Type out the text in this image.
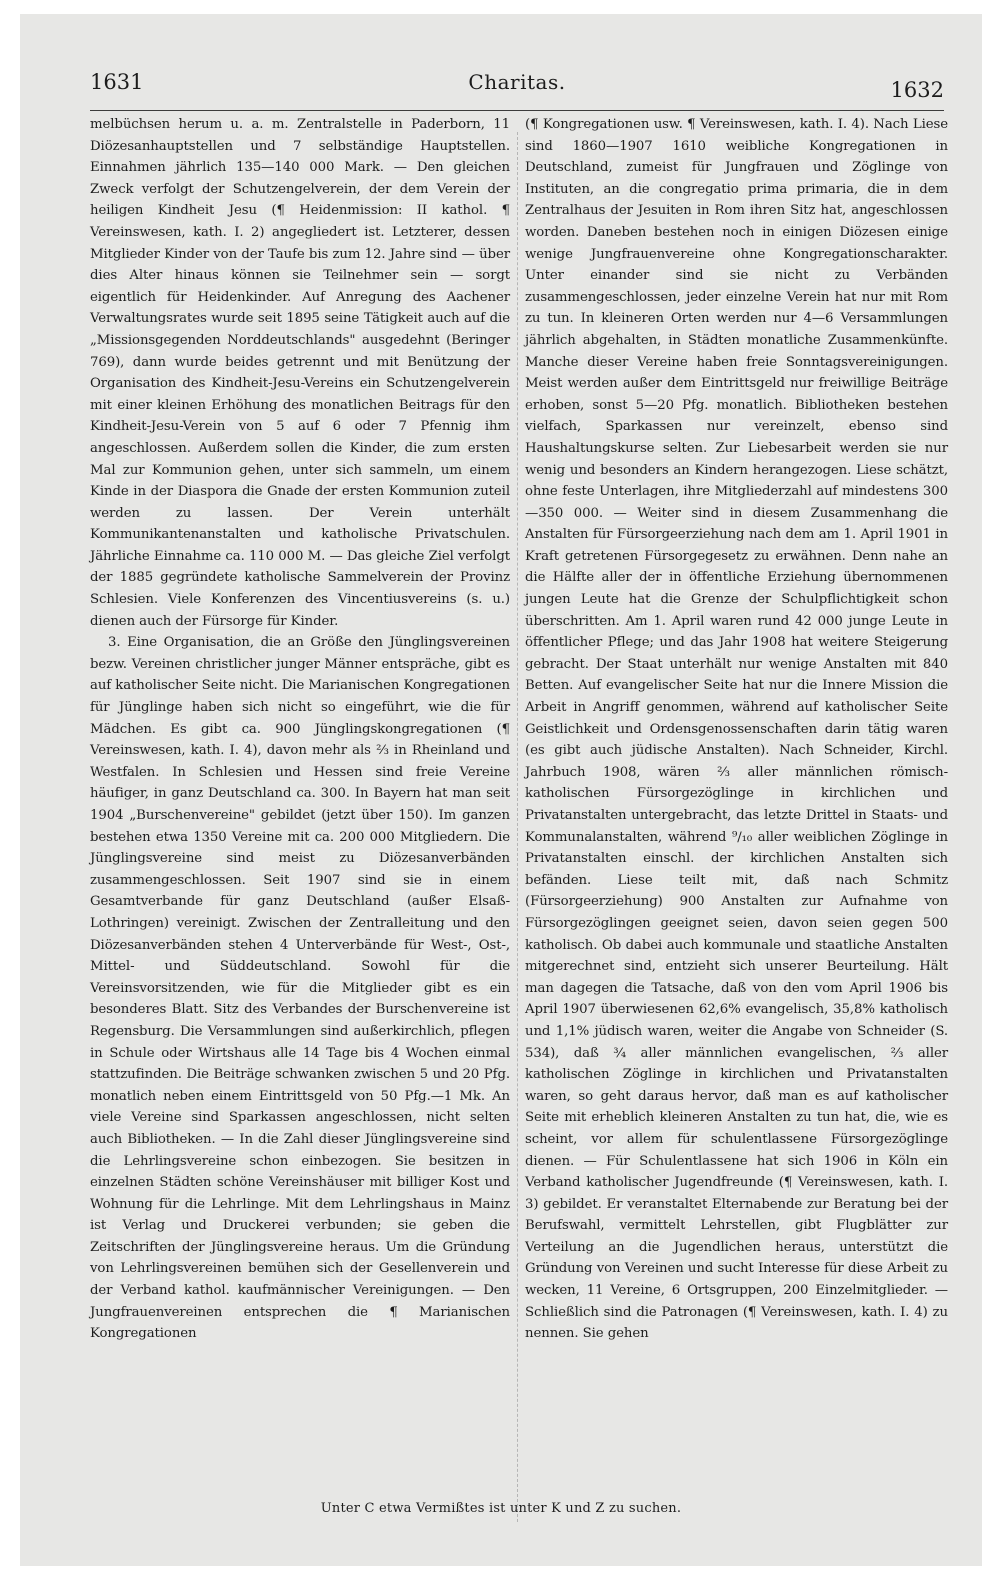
1631	Charitas.	1632

melbüchsen herum u. a. m. Zentralstelle in Paderborn, 11 Diözesanhauptstellen und 7 selbständige Hauptstellen. Einnahmen jährlich 135—140 000 Mark. — Den gleichen Zweck verfolgt der Schutzengelverein, der dem Verein der heiligen Kindheit Jesu (¶ Heidenmission: II kathol. ¶ Vereinswesen, kath. I. 2) angegliedert ist. Letzterer, dessen Mitglieder Kinder von der Taufe bis zum 12. Jahre sind — über dies Alter hinaus können sie Teilnehmer sein — sorgt eigentlich für Heidenkinder. Auf Anregung des Aachener Verwaltungsrates wurde seit 1895 seine Tätigkeit auch auf die „Missionsgegenden Norddeutschlands" ausgedehnt (Beringer 769), dann wurde beides getrennt und mit Benützung der Organisation des Kindheit-Jesu-Vereins ein Schutzengelverein mit einer kleinen Erhöhung des monatlichen Beitrags für den Kindheit-Jesu-Verein von 5 auf 6 oder 7 Pfennig ihm angeschlossen. Außerdem sollen die Kinder, die zum ersten Mal zur Kommunion gehen, unter sich sammeln, um einem Kinde in der Diaspora die Gnade der ersten Kommunion zuteil werden zu lassen. Der Verein unterhält Kommunikantenanstalten und katholische Privatschulen. Jährliche Einnahme ca. 110 000 M. — Das gleiche Ziel verfolgt der 1885 gegründete katholische Sammelverein der Provinz Schlesien. Viele Konferenzen des Vincentiusvereins (s. u.) dienen auch der Fürsorge für Kinder.

3. Eine Organisation, die an Größe den Jünglingsvereinen bezw. Vereinen christlicher junger Männer entspräche, gibt es auf katholischer Seite nicht. Die Marianischen Kongregationen für Jünglinge haben sich nicht so eingeführt, wie die für Mädchen. Es gibt ca. 900 Jünglingskongregationen (¶ Vereinswesen, kath. I. 4), davon mehr als ⅔ in Rheinland und Westfalen. In Schlesien und Hessen sind freie Vereine häufiger, in ganz Deutschland ca. 300. In Bayern hat man seit 1904 „Burschenvereine" gebildet (jetzt über 150). Im ganzen bestehen etwa 1350 Vereine mit ca. 200 000 Mitgliedern. Die Jünglingsvereine sind meist zu Diözesanverbänden zusammengeschlossen. Seit 1907 sind sie in einem Gesamtverbande für ganz Deutschland (außer Elsaß-Lothringen) vereinigt. Zwischen der Zentralleitung und den Diözesanverbänden stehen 4 Unterverbände für West-, Ost-, Mittel- und Süddeutschland. Sowohl für die Vereinsvorsitzenden, wie für die Mitglieder gibt es ein besonderes Blatt. Sitz des Verbandes der Burschenvereine ist Regensburg. Die Versammlungen sind außerkirchlich, pflegen in Schule oder Wirtshaus alle 14 Tage bis 4 Wochen einmal stattzufinden. Die Beiträge schwanken zwischen 5 und 20 Pfg. monatlich neben einem Eintrittsgeld von 50 Pfg.—1 Mk. An viele Vereine sind Sparkassen angeschlossen, nicht selten auch Bibliotheken. — In die Zahl dieser Jünglingsvereine sind die Lehrlingsvereine schon einbezogen. Sie besitzen in einzelnen Städten schöne Vereinshäuser mit billiger Kost und Wohnung für die Lehrlinge. Mit dem Lehrlingshaus in Mainz ist Verlag und Druckerei verbunden; sie geben die Zeitschriften der Jünglingsvereine heraus. Um die Gründung von Lehrlingsvereinen bemühen sich der Gesellenverein und der Verband kathol. kaufmännischer Vereinigungen. — Den Jungfrauenvereinen entsprechen die ¶ Marianischen Kongregationen

(¶ Kongregationen usw. ¶ Vereinswesen, kath. I. 4). Nach Liese sind 1860—1907 1610 weibliche Kongregationen in Deutschland, zumeist für Jungfrauen und Zöglinge von Instituten, an die congregatio prima primaria, die in dem Zentralhaus der Jesuiten in Rom ihren Sitz hat, angeschlossen worden. Daneben bestehen noch in einigen Diözesen einige wenige Jungfrauenvereine ohne Kongregationscharakter. Unter einander sind sie nicht zu Verbänden zusammengeschlossen, jeder einzelne Verein hat nur mit Rom zu tun. In kleineren Orten werden nur 4—6 Versammlungen jährlich abgehalten, in Städten monatliche Zusammenkünfte. Manche dieser Vereine haben freie Sonntagsvereinigungen. Meist werden außer dem Eintrittsgeld nur freiwillige Beiträge erhoben, sonst 5—20 Pfg. monatlich. Bibliotheken bestehen vielfach, Sparkassen nur vereinzelt, ebenso sind Haushaltungskurse selten. Zur Liebesarbeit werden sie nur wenig und besonders an Kindern herangezogen. Liese schätzt, ohne feste Unterlagen, ihre Mitgliederzahl auf mindestens 300—350 000. — Weiter sind in diesem Zusammenhang die Anstalten für Fürsorgeerziehung nach dem am 1. April 1901 in Kraft getretenen Fürsorgegesetz zu erwähnen. Denn nahe an die Hälfte aller der in öffentliche Erziehung übernommenen jungen Leute hat die Grenze der Schulpflichtigkeit schon überschritten. Am 1. April waren rund 42 000 junge Leute in öffentlicher Pflege; und das Jahr 1908 hat weitere Steigerung gebracht. Der Staat unterhält nur wenige Anstalten mit 840 Betten. Auf evangelischer Seite hat nur die Innere Mission die Arbeit in Angriff genommen, während auf katholischer Seite Geistlichkeit und Ordensgenossenschaften darin tätig waren (es gibt auch jüdische Anstalten). Nach Schneider, Kirchl. Jahrbuch 1908, wären ⅔ aller männlichen römisch-katholischen Fürsorgezöglinge in kirchlichen und Privatanstalten untergebracht, das letzte Drittel in Staats- und Kommunalanstalten, während ⁹/₁₀ aller weiblichen Zöglinge in Privatanstalten einschl. der kirchlichen Anstalten sich befänden. Liese teilt mit, daß nach Schmitz (Fürsorgeerziehung) 900 Anstalten zur Aufnahme von Fürsorgezöglingen geeignet seien, davon seien gegen 500 katholisch. Ob dabei auch kommunale und staatliche Anstalten mitgerechnet sind, entzieht sich unserer Beurteilung. Hält man dagegen die Tatsache, daß von den vom April 1906 bis April 1907 überwiesenen 62,6% evangelisch, 35,8% katholisch und 1,1% jüdisch waren, weiter die Angabe von Schneider (S. 534), daß ¾ aller männlichen evangelischen, ⅔ aller katholischen Zöglinge in kirchlichen und Privatanstalten waren, so geht daraus hervor, daß man es auf katholischer Seite mit erheblich kleineren Anstalten zu tun hat, die, wie es scheint, vor allem für schulentlassene Fürsorgezöglinge dienen. — Für Schulentlassene hat sich 1906 in Köln ein Verband katholischer Jugendfreunde (¶ Vereinswesen, kath. I. 3) gebildet. Er veranstaltet Elternabende zur Beratung bei der Berufswahl, vermittelt Lehrstellen, gibt Flugblätter zur Verteilung an die Jugendlichen heraus, unterstützt die Gründung von Vereinen und sucht Interesse für diese Arbeit zu wecken, 11 Vereine, 6 Ortsgruppen, 200 Einzelmitglieder. — Schließlich sind die Patronagen (¶ Vereinswesen, kath. I. 4) zu nennen. Sie gehen

Unter C etwa Vermißtes ist unter K und Z zu suchen.
